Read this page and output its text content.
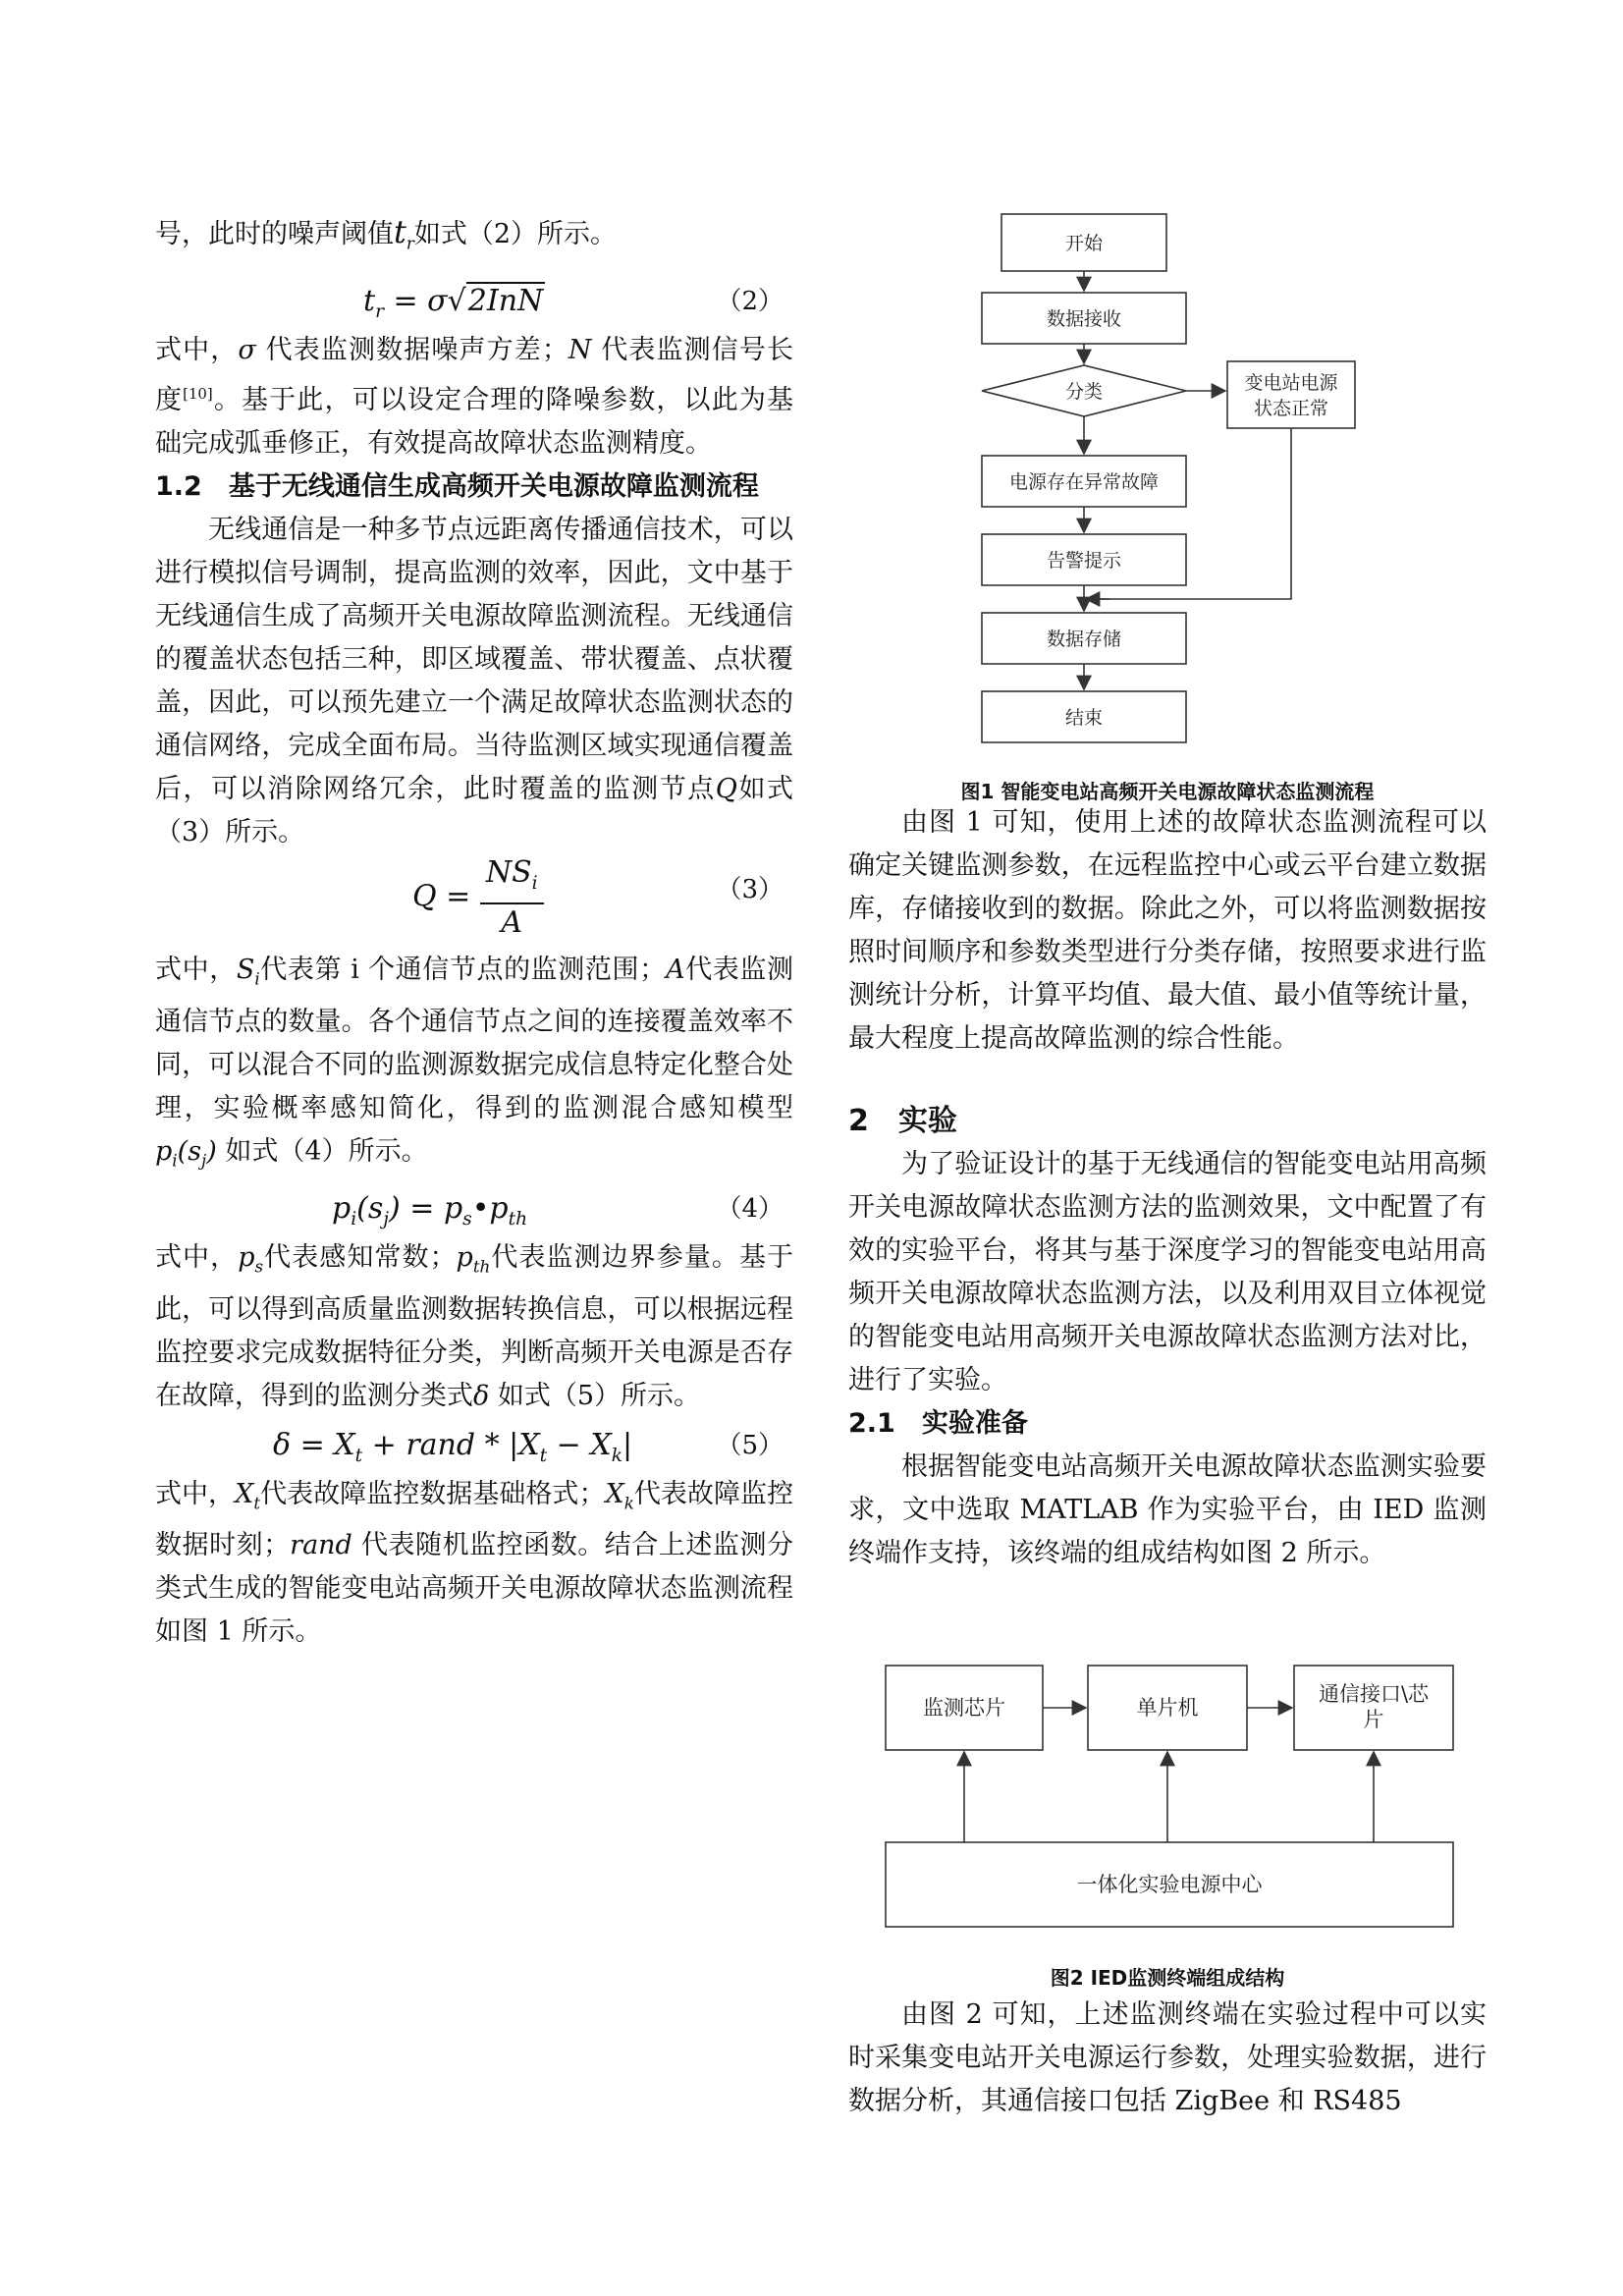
号，此时的噪声阈值$t_r$如式（2）所示。

$t_r = \sigma√2InN$	（2）

式中，σ 代表监测数据噪声方差；N 代表监测信号长度[10]。基于此，可以设定合理的降噪参数，以此为基础完成弧垂修正，有效提高故障状态监测精度。

1.2　基于无线通信生成高频开关电源故障监测流程

无线通信是一种多节点远距离传播通信技术，可以进行模拟信号调制，提高监测的效率，因此，文中基于无线通信生成了高频开关电源故障监测流程。无线通信的覆盖状态包括三种，即区域覆盖、带状覆盖、点状覆盖，因此，可以预先建立一个满足故障状态监测状态的通信网络，完成全面布局。当待监测区域实现通信覆盖后，可以消除网络冗余，此时覆盖的监测节点Q如式（3）所示。

$Q = \frac{NS_i}{A}$	（3）

式中，$S_i$代表第 i 个通信节点的监测范围；A代表监测通信节点的数量。各个通信节点之间的连接覆盖效率不同，可以混合不同的监测源数据完成信息特定化整合处理，实验概率感知简化，得到的监测混合感知模型$p_i(s_j)$ 如式（4）所示。

$p_i(s_j)$ = $p_s•p_{th}$	（4）

式中，$p_s$代表感知常数；$p_{th}$代表监测边界参量。基于此，可以得到高质量监测数据转换信息，可以根据远程监控要求完成数据特征分类，判断高频开关电源是否存在故障，得到的监测分类式δ 如式（5）所示。

$\delta = X_t$ + rand * $|X_t - X_k|$	（5）

式中，$X_t$代表故障监控数据基础格式；$X_k$代表故障监控数据时刻；rand 代表随机监控函数。结合上述监测分类式生成的智能变电站高频开关电源故障状态监测流程如图 1 所示。

开始
数据接收
分类	变电站电源
状态正常
电源存在异常故障
告警提示
数据存储
结束
图1 智能变电站高频开关电源故障状态监测流程

由图 1 可知，使用上述的故障状态监测流程可以确定关键监测参数，在远程监控中心或云平台建立数据库，存储接收到的数据。除此之外，可以将监测数据按照时间顺序和参数类型进行分类存储，按照要求进行监测统计分析，计算平均值、最大值、最小值等统计量，最大程度上提高故障监测的综合性能。

2　实验

为了验证设计的基于无线通信的智能变电站用高频开关电源故障状态监测方法的监测效果，文中配置了有效的实验平台，将其与基于深度学习的智能变电站用高频开关电源故障状态监测方法，以及利用双目立体视觉的智能变电站用高频开关电源故障状态监测方法对比，进行了实验。

2.1　实验准备

根据智能变电站高频开关电源故障状态监测实验要求，文中选取 MATLAB 作为实验平台，由 IED 监测终端作支持，该终端的组成结构如图 2 所示。

监测芯片	单片机
通信接口\芯
片
一体化实验电源中心
图2 IED监测终端组成结构

由图 2 可知，上述监测终端在实验过程中可以实时采集变电站开关电源运行参数，处理实验数据，进行数据分析，其通信接口包括 ZigBee 和 RS485
